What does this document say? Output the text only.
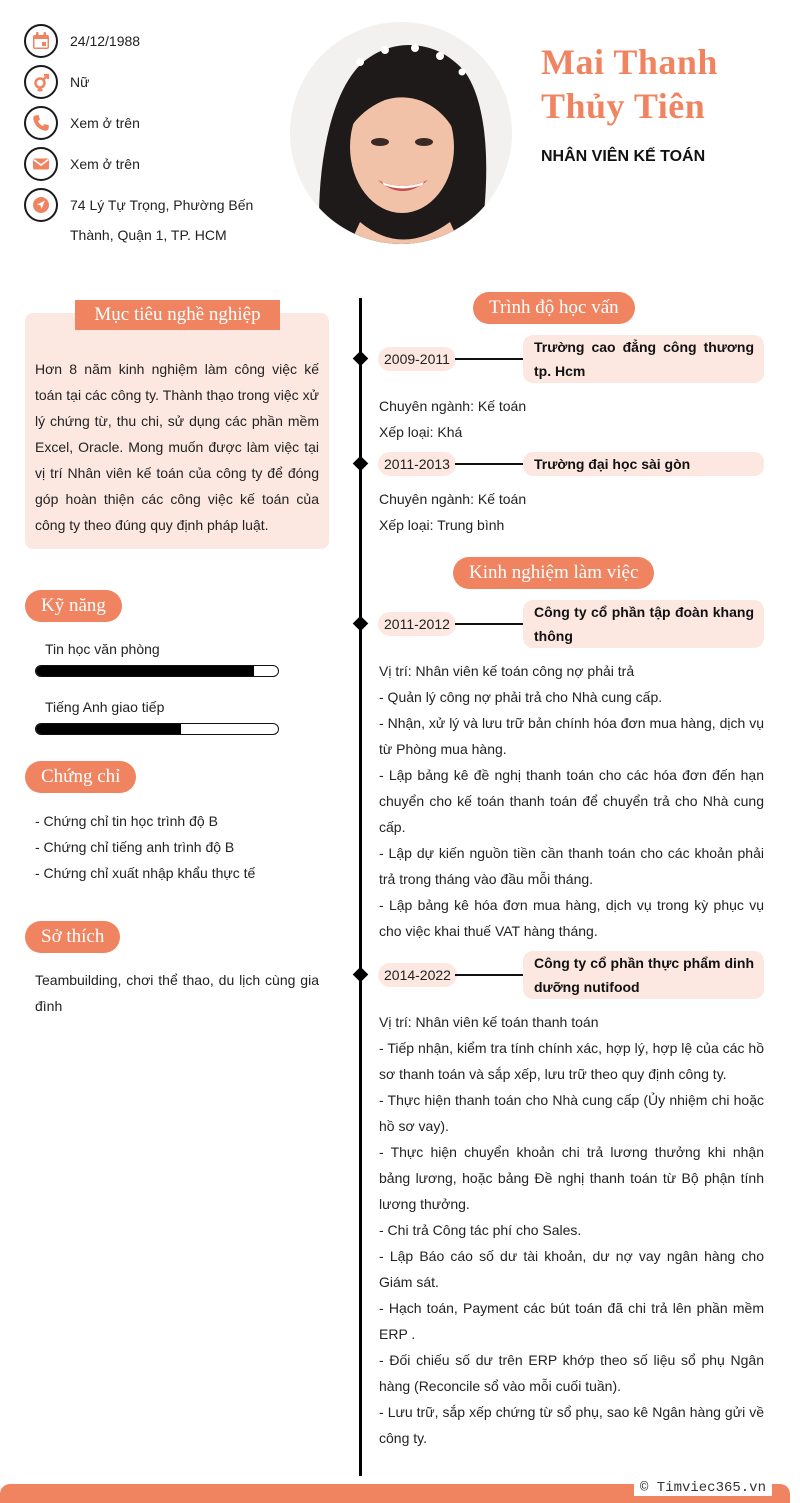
24/12/1988
Nữ
Xem ở trên
Xem ở trên
74 Lý Tự Trọng, Phường Bến Thành, Quận 1, TP. HCM
Mai Thanh Thủy Tiên
NHÂN VIÊN KẾ TOÁN
Mục tiêu nghề nghiệp
Hơn 8 năm kinh nghiệm làm công việc kế toán tại các công ty. Thành thạo trong việc xử lý chứng từ, thu chi, sử dụng các phần mềm Excel, Oracle. Mong muốn được làm việc tại vị trí Nhân viên kế toán của công ty để đóng góp hoàn thiện các công việc kế toán của công ty theo đúng quy định pháp luật.
Kỹ năng
Tin học văn phòng
Tiếng Anh giao tiếp
Chứng chỉ
- Chứng chỉ tin học trình độ B
- Chứng chỉ tiếng anh trình độ B
- Chứng chỉ xuất nhập khẩu thực tế
Sở thích
Teambuilding, chơi thể thao, du lịch cùng gia đình
Trình độ học vấn
2009-2011
Trường cao đẳng công thương tp. Hcm
Chuyên ngành: Kế toán
Xếp loại: Khá
2011-2013	Trường đại học sài gòn
Chuyên ngành: Kế toán
Xếp loại: Trung bình
Kinh nghiệm làm việc
2011-2012
Công ty cổ phần tập đoàn khang thông
Vị trí: Nhân viên kế toán công nợ phải trả
- Quản lý công nợ phải trả cho Nhà cung cấp.
- Nhận, xử lý và lưu trữ bản chính hóa đơn mua hàng, dịch vụ từ Phòng mua hàng.
- Lập bảng kê đề nghị thanh toán cho các hóa đơn đến hạn chuyển cho kế toán thanh toán để chuyển trả cho Nhà cung cấp.
- Lập dự kiến nguồn tiền cần thanh toán cho các khoản phải trả trong tháng vào đầu mỗi tháng.
- Lập bảng kê hóa đơn mua hàng, dịch vụ trong kỳ phục vụ cho việc khai thuế VAT hàng tháng.
2014-2022
Công ty cổ phần thực phẩm dinh dưỡng nutifood
Vị trí: Nhân viên kế toán thanh toán
- Tiếp nhận, kiểm tra tính chính xác, hợp lý, hợp lệ của các hồ sơ thanh toán và sắp xếp, lưu trữ theo quy định công ty.
- Thực hiện thanh toán cho Nhà cung cấp (Ủy nhiệm chi hoặc hồ sơ vay).
- Thực hiện chuyển khoản chi trả lương thưởng khi nhận bảng lương, hoặc bảng Đề nghị thanh toán từ Bộ phận tính lương thưởng.
- Chi trả Công tác phí cho Sales.
- Lập Báo cáo số dư tài khoản, dư nợ vay ngân hàng cho Giám sát.
- Hạch toán, Payment các bút toán đã chi trả lên phần mềm ERP .
- Đối chiếu số dư trên ERP khớp theo số liệu sổ phụ Ngân hàng (Reconcile sổ vào mỗi cuối tuần).
- Lưu trữ, sắp xếp chứng từ sổ phụ, sao kê Ngân hàng gửi về công ty.
© Timviec365.vn
